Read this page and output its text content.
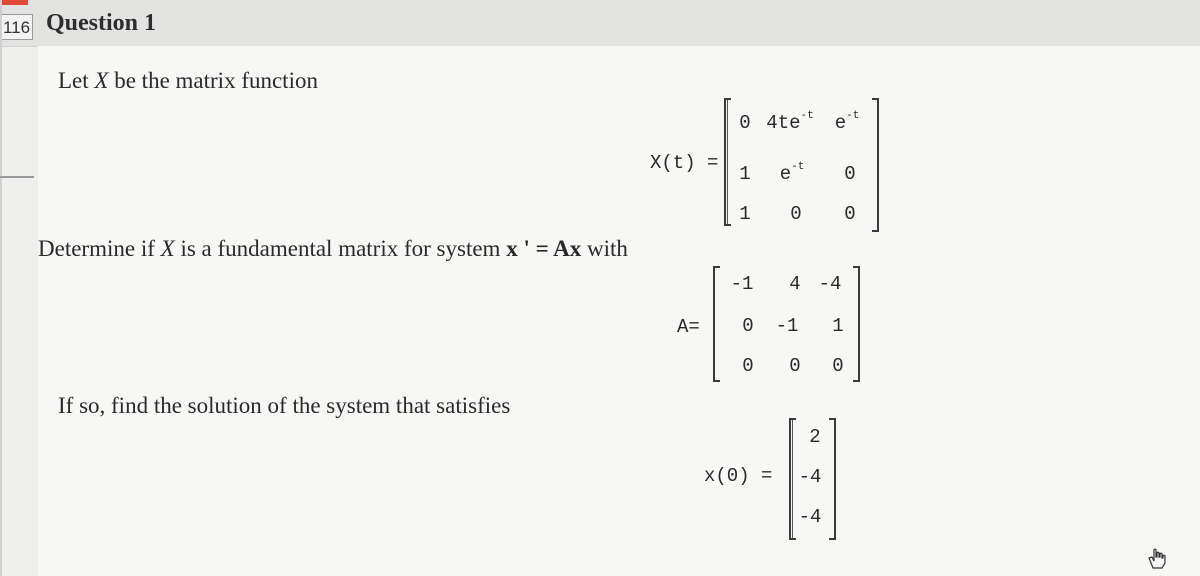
116 Question 1
Let X be the matrix function
X(t) =
0 $4te^{-t}$ $e^{-t}$
1 $e^{-t}$ 0
1 0 0
Determine if X is a fundamental matrix for system x ' = Ax with
A=
-1 4 -4
0 -1 1
0 0 0
If so, find the solution of the system that satisfies
x(0) =
2
-4
-4
